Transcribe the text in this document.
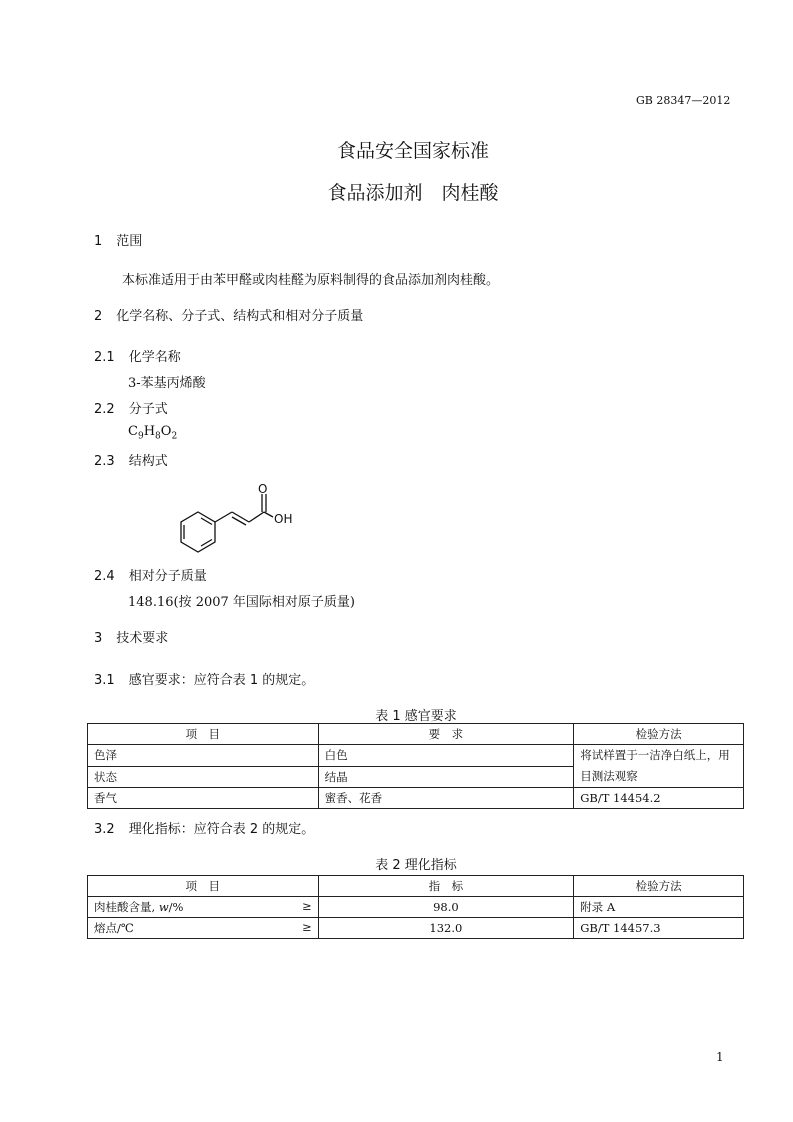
GB 28347—2012
食品安全国家标准
食品添加剂　肉桂酸
1 范围
本标准适用于由苯甲醛或肉桂醛为原料制得的食品添加剂肉桂酸。
2 化学名称、分子式、结构式和相对分子质量
2.1 化学名称
3-苯基丙烯酸
2.2 分子式
$C_9H_8O_2$
2.3 结构式
O
OH
2.4 相对分子质量
148.16(按 2007 年国际相对原子质量)
3 技术要求
3.1 感官要求：应符合表 1 的规定。
表 1 感官要求
项　目	要　求	检验方法
色泽	白色	将试样置于一洁净白纸上，用目测法观察
状态	结晶	
香气	蜜香、花香	GB/T 14454.2
3.2 理化指标：应符合表 2 的规定。
表 2 理化指标
项　目	指　标	检验方法
肉桂酸含量, w/% ≥	98.0	附录 A
熔点/℃ ≥	132.0	GB/T 14457.3
1
